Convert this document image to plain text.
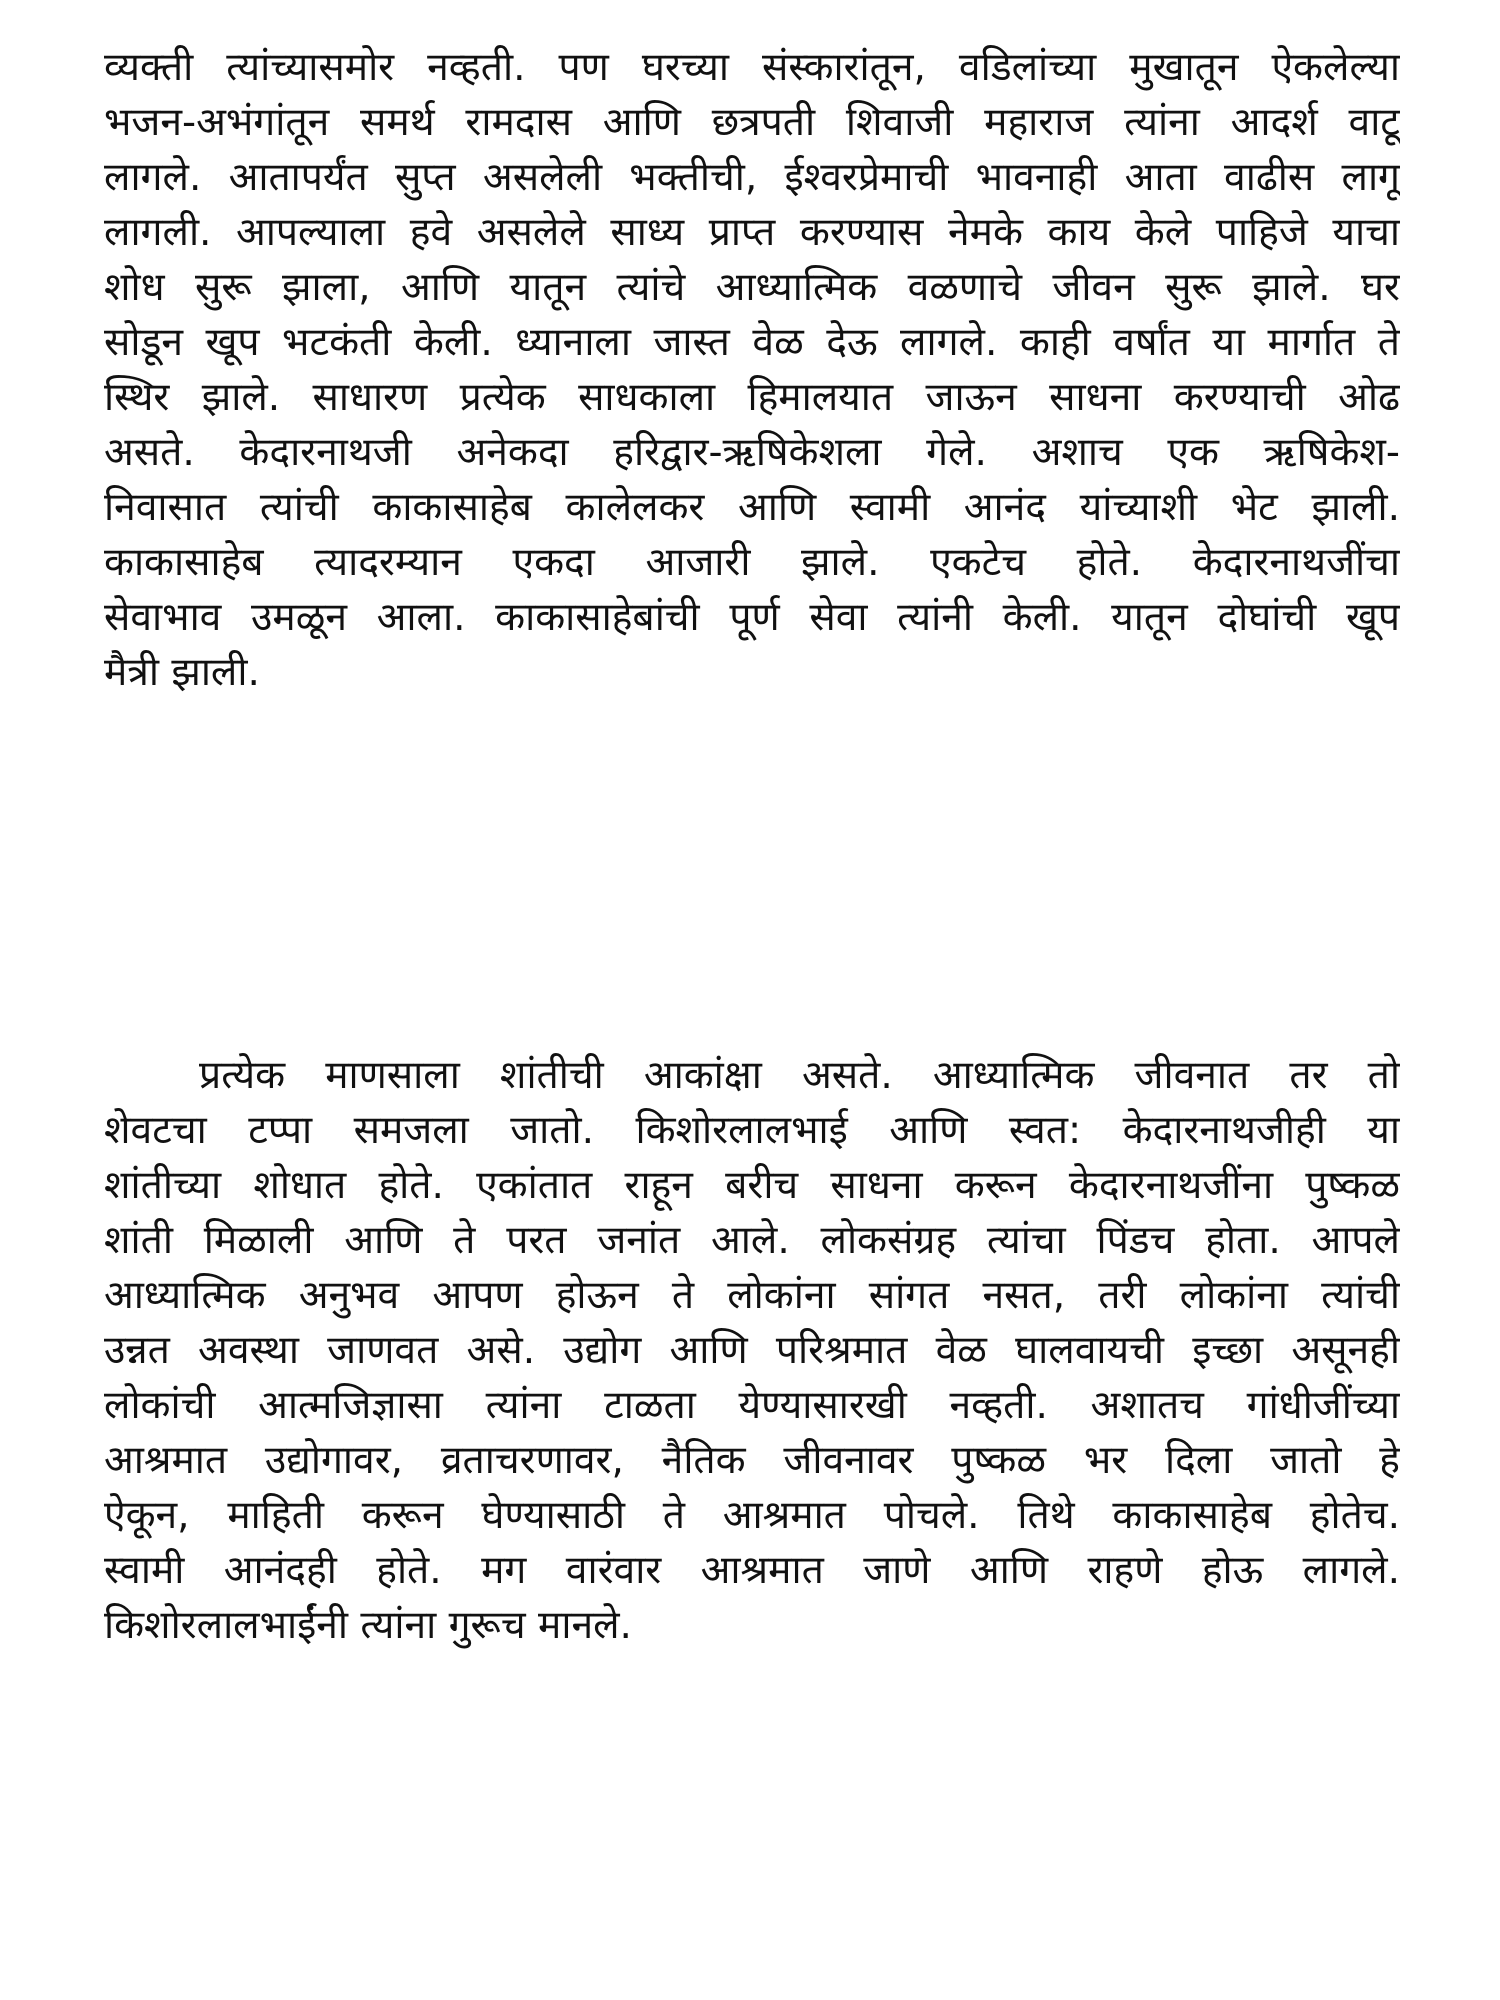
व्यक्ती त्यांच्यासमोर नव्हती. पण घरच्या संस्कारांतून, वडिलांच्या मुखातून ऐकलेल्या
भजन-अभंगांतून समर्थ रामदास आणि छत्रपती शिवाजी महाराज त्यांना आदर्श वाटू
लागले. आतापर्यंत सुप्त असलेली भक्तीची, ईश्वरप्रेमाची भावनाही आता वाढीस लागू
लागली. आपल्याला हवे असलेले साध्य प्राप्त करण्यास नेमके काय केले पाहिजे याचा
शोध सुरू झाला, आणि यातून त्यांचे आध्यात्मिक वळणाचे जीवन सुरू झाले. घर
सोडून खूप भटकंती केली. ध्यानाला जास्त वेळ देऊ लागले. काही वर्षांत या मार्गात ते
स्थिर झाले. साधारण प्रत्येक साधकाला हिमालयात जाऊन साधना करण्याची ओढ
असते. केदारनाथजी अनेकदा हरिद्वार-ऋषिकेशला गेले. अशाच एक ऋषिकेश-
निवासात त्यांची काकासाहेब कालेलकर आणि स्वामी आनंद यांच्याशी भेट झाली.
काकासाहेब त्यादरम्यान एकदा आजारी झाले. एकटेच होते. केदारनाथजींचा
सेवाभाव उमळून आला. काकासाहेबांची पूर्ण सेवा त्यांनी केली. यातून दोघांची खूप
मैत्री झाली.
प्रत्येक माणसाला शांतीची आकांक्षा असते. आध्यात्मिक जीवनात तर तो
शेवटचा टप्पा समजला जातो. किशोरलालभाई आणि स्वत: केदारनाथजीही या
शांतीच्या शोधात होते. एकांतात राहून बरीच साधना करून केदारनाथजींना पुष्कळ
शांती मिळाली आणि ते परत जनांत आले. लोकसंग्रह त्यांचा पिंडच होता. आपले
आध्यात्मिक अनुभव आपण होऊन ते लोकांना सांगत नसत, तरी लोकांना त्यांची
उन्नत अवस्था जाणवत असे. उद्योग आणि परिश्रमात वेळ घालवायची इच्छा असूनही
लोकांची आत्मजिज्ञासा त्यांना टाळता येण्यासारखी नव्हती. अशातच गांधीजींच्या
आश्रमात उद्योगावर, व्रताचरणावर, नैतिक जीवनावर पुष्कळ भर दिला जातो हे
ऐकून, माहिती करून घेण्यासाठी ते आश्रमात पोचले. तिथे काकासाहेब होतेच.
स्वामी आनंदही होते. मग वारंवार आश्रमात जाणे आणि राहणे होऊ लागले.
किशोरलालभाईंनी त्यांना गुरूच मानले.
